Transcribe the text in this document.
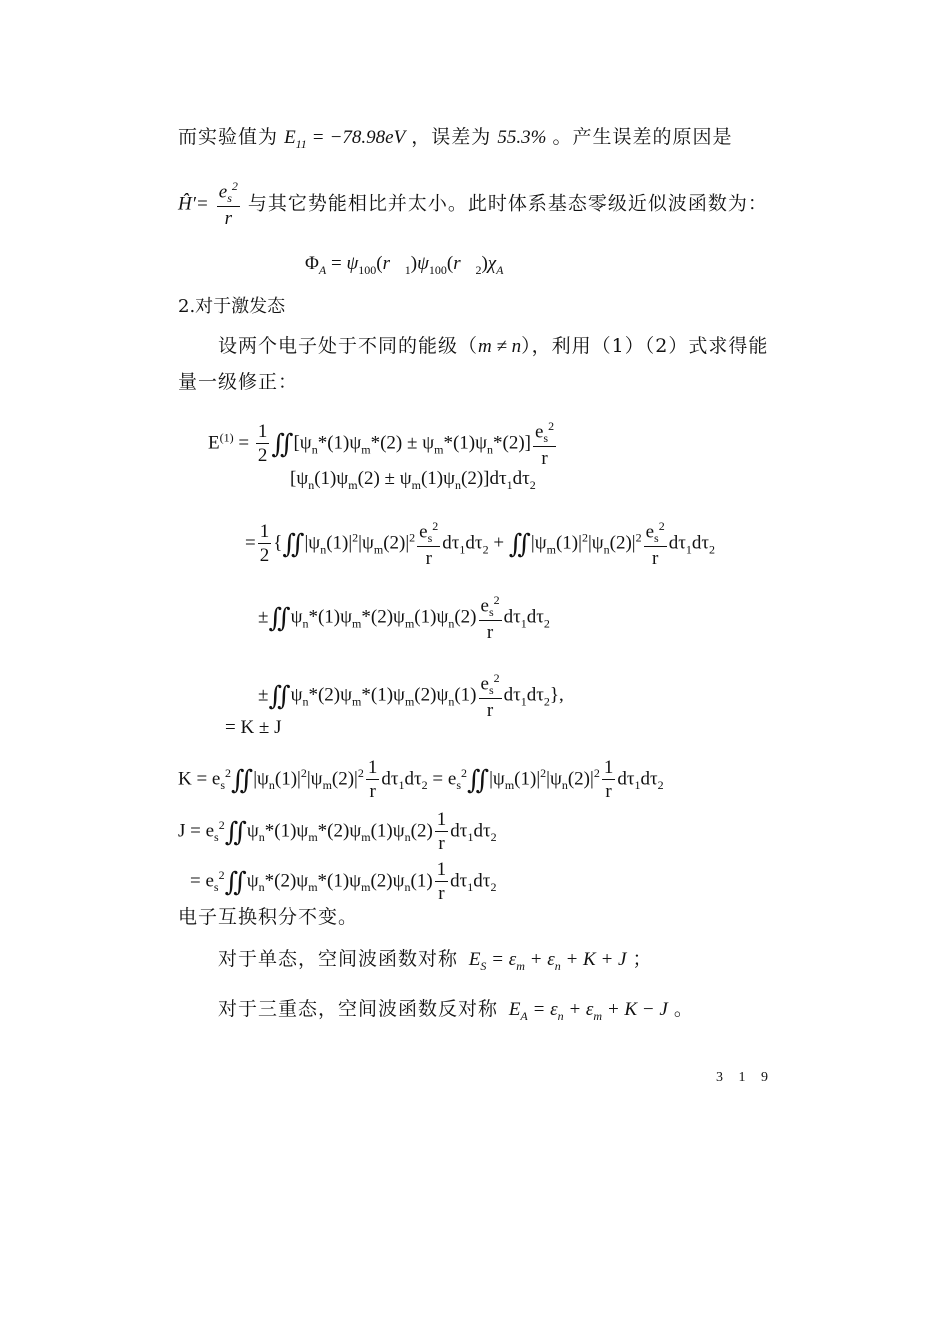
而实验值为 $E_{11} = -78.98eV$ ，误差为 55.3% 。产生误差的原因是
Ĥ′= $\frac{e_s^2}{r}$ 与其它势能相比并太小。此时体系基态零级近似波函数为：
$\Phi_A$ = $\psi_{100}(r⃗_1)\psi_{100}(r⃗_2)\chi_A$
2.对于激发态
设两个电子处于不同的能级（m ≠ n），利用（1）（2）式求得能
量一级修正：
$E^{(1)} = \frac{1}{2}$ $∬[\psi_n*(1)\psi_m*(2) \pm \psi_m*(1)\psi_n*(2)] \frac{e_s^2}{r}$
$[\psi_n(1)\psi_m(2) \pm \psi_m(1)\psi_n(2)]d\tau_1d\tau_2$
= $\frac{1}{2}$ {$∬|\psi_n(1)|^2|\psi_m(2)|^2 \frac{e_s^2}{r} d\tau_1d\tau_2$ + $∬|\psi_m(1)|^2|\psi_n(2)|^2 \frac{e_s^2}{r} d\tau_1d\tau_2$
$\pm∬\psi_n*(1)\psi_m*(2)\psi_m(1)\psi_n(2) \frac{e_s^2}{r} d\tau_1d\tau_2$
$\pm∬\psi_n*(2)\psi_m*(1)\psi_m(2)\psi_n(1) \frac{e_s^2}{r} d\tau_1d\tau_2$},
= K ± J
$K = e_s^2∬|\psi_n(1)|^2|\psi_m(2)|^2 \frac{1}{r} d\tau_1d\tau_2$ = $e_s^2∬|\psi_m(1)|^2|\psi_n(2)|^2 \frac{1}{r} d\tau_1d\tau_2$
$J = e_s^2∬\psi_n*(1)\psi_m*(2)\psi_m(1)\psi_n(2) \frac{1}{r} d\tau_1d\tau_2$
= $e_s^2∬\psi_n*(2)\psi_m*(1)\psi_m(2)\psi_n(1) \frac{1}{r} d\tau_1d\tau_2$
电子互换积分不变。
对于单态，空间波函数对称  $E_S = \varepsilon_m + \varepsilon_n + K + J$ ；
对于三重态，空间波函数反对称  $E_A = \varepsilon_n + \varepsilon_m + K - J$ 。
3 1 9
